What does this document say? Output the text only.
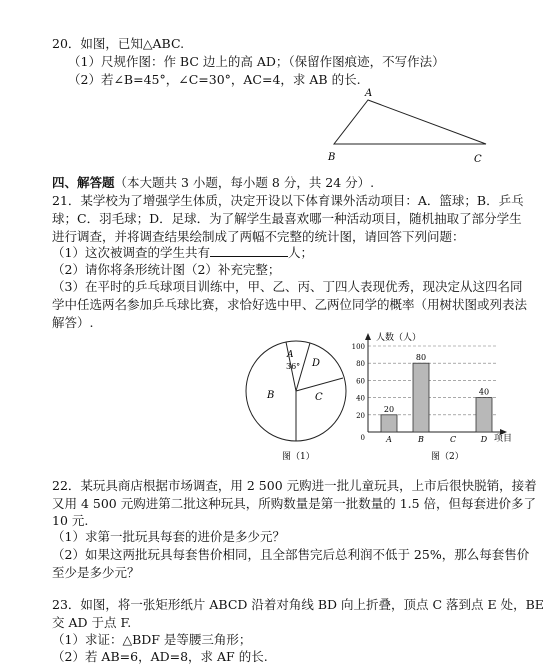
20．如图，已知△ABC.
（1）尺规作图：作 BC 边上的高 AD；（保留作图痕迹，不写作法）
（2）若∠B=45°，∠C=30°，AC=4，求 AB 的长.
A
B	C
四、解答题（本大题共 3 小题，每小题 8 分，共 24 分）.
21．某学校为了增强学生体质，决定开设以下体育课外活动项目：A．篮球；B．乒乓
球；C．羽毛球；D．足球．为了解学生最喜欢哪一种活动项目，随机抽取了部分学生
进行调查，并将调查结果绘制成了两幅不完整的统计图，请回答下列问题：
（1）这次被调查的学生共有	人；
（2）请你将条形统计图（2）补充完整；
（3）在平时的乒乓球项目训练中，甲、乙、丙、丁四人表现优秀，现决定从这四名同
学中任选两名参加乒乓球比赛，求恰好选中甲、乙两位同学的概率（用树状图或列表法
解答）.
A
36°
B	C
D
图（1）
100
80
60
40
20
0	A	B	C	D
20
80
40
人数（人）
项目
图（2）
22．某玩具商店根据市场调查，用 2 500 元购进一批儿童玩具，上市后很快脱销，接着
又用 4 500 元购进第二批这种玩具，所购数量是第一批数量的 1.5 倍，但每套进价多了
10 元.
（1）求第一批玩具每套的进价是多少元？
（2）如果这两批玩具每套售价相同，且全部售完后总利润不低于 25%，那么每套售价
至少是多少元？
23．如图，将一张矩形纸片 ABCD 沿着对角线 BD 向上折叠，顶点 C 落到点 E 处，BE
交 AD 于点 F.
（1）求证：△BDF 是等腰三角形；
（2）若 AB=6，AD=8，求 AF 的长.
